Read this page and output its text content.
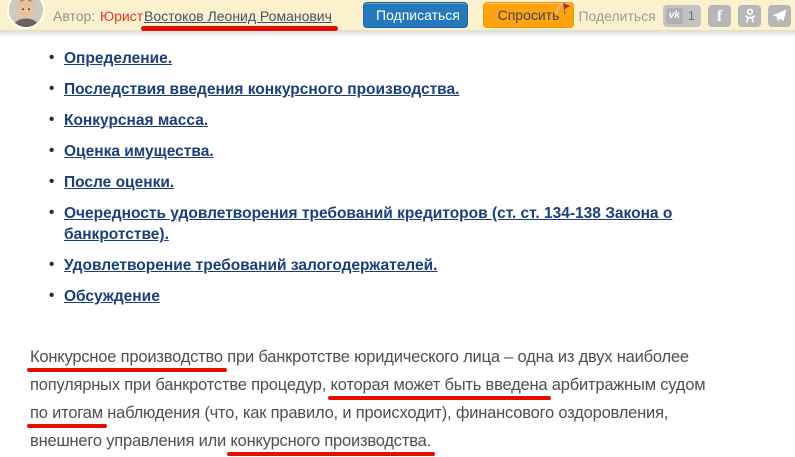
Автор: Юрист Востоков Леонид Романович	Подписаться	Спросить	Поделиться vk 1 f
• Определение.
• Последствия введения конкурсного производства.
• Конкурсная масса.
• Оценка имущества.
• После оценки.
• Очередность удовлетворения требований кредиторов (ст. ст. 134-138 Закона о банкротстве).
• Удовлетворение требований залогодержателей.
• Обсуждение
Конкурсное производство при банкротстве юридического лица – одна из двух наиболее
популярных при банкротстве процедур, которая может быть введена арбитражным судом
по итогам наблюдения (что, как правило, и происходит), финансового оздоровления,
внешнего управления или конкурсного производства.
